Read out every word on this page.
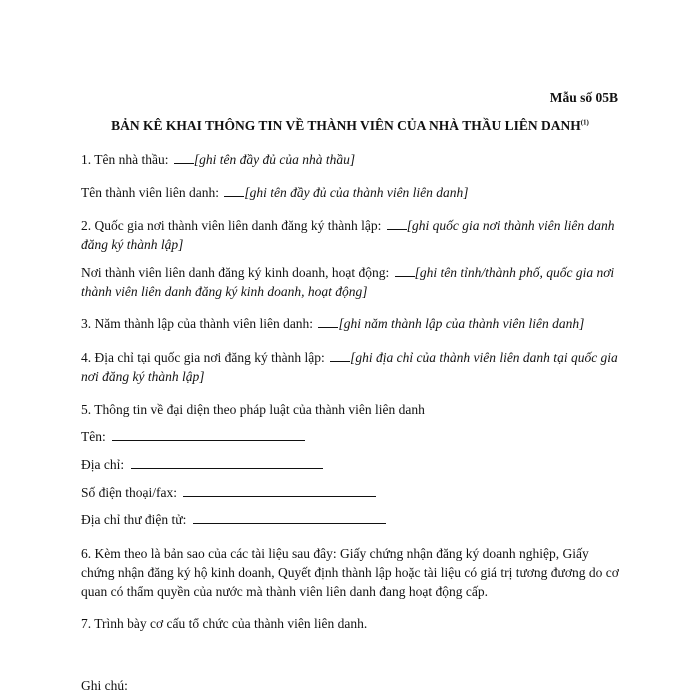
Mẫu số 05B
BẢN KÊ KHAI THÔNG TIN VỀ THÀNH VIÊN CỦA NHÀ THẦU LIÊN DANH$^{(1)}$
1. Tên nhà thầu: [ghi tên đầy đủ của nhà thầu]
Tên thành viên liên danh: [ghi tên đầy đủ của thành viên liên danh]
2. Quốc gia nơi thành viên liên danh đăng ký thành lập: [ghi quốc gia nơi thành viên liên danh đăng ký thành lập]
Nơi thành viên liên danh đăng ký kinh doanh, hoạt động: [ghi tên tỉnh/thành phố, quốc gia nơi thành viên liên danh đăng ký kinh doanh, hoạt động]
3. Năm thành lập của thành viên liên danh: [ghi năm thành lập của thành viên liên danh]
4. Địa chỉ tại quốc gia nơi đăng ký thành lập: [ghi địa chỉ của thành viên liên danh tại quốc gia nơi đăng ký thành lập]
5. Thông tin về đại diện theo pháp luật của thành viên liên danh
Tên:
Địa chỉ:
Số điện thoại/fax:
Địa chỉ thư điện tử:
6. Kèm theo là bản sao của các tài liệu sau đây: Giấy chứng nhận đăng ký doanh nghiệp, Giấy chứng nhận đăng ký hộ kinh doanh, Quyết định thành lập hoặc tài liệu có giá trị tương đương do cơ quan có thẩm quyền của nước mà thành viên liên danh đang hoạt động cấp.
7. Trình bày cơ cấu tổ chức của thành viên liên danh.
Ghi chú:
